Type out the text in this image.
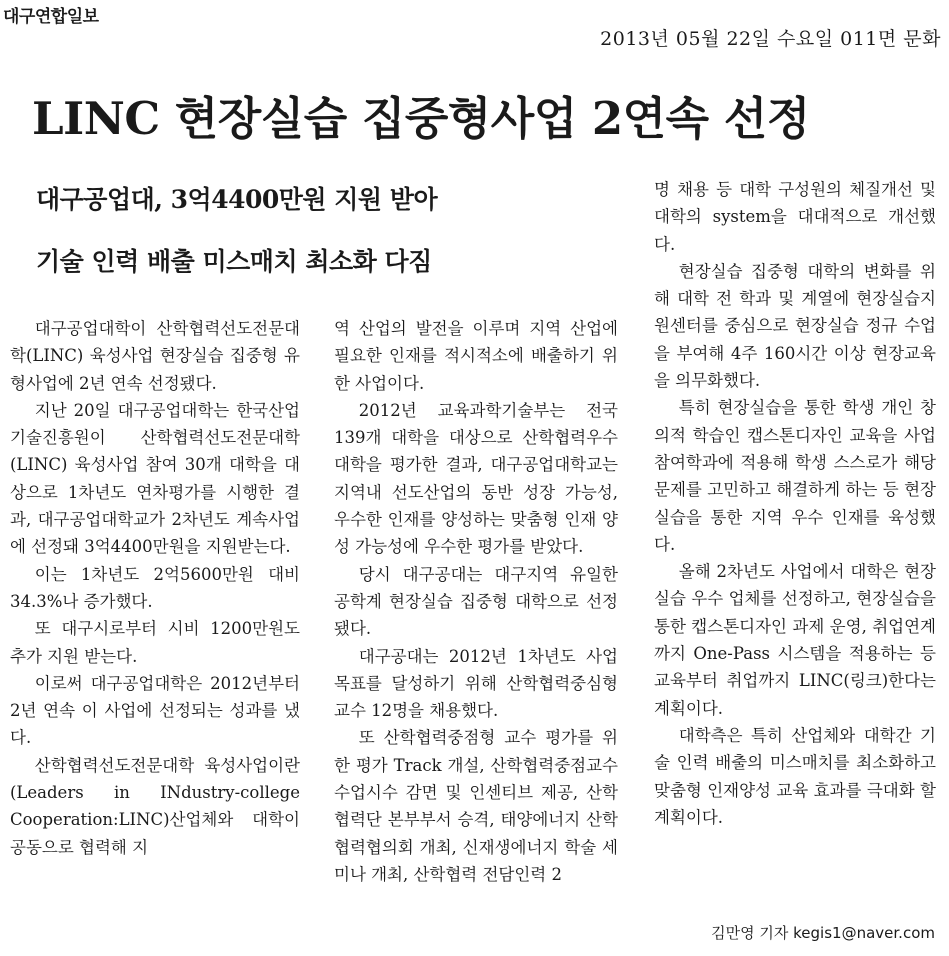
대구연합일보
2013년 05월 22일 수요일 011면 문화
LINC 현장실습 집중형사업 2연속 선정
대구공업대, 3억4400만원 지원 받아
기술 인력 배출 미스매치 최소화 다짐

대구공업대학이 산학협력선도전문대학(LINC) 육성사업 현장실습 집중형 유형사업에 2년 연속 선정됐다.

지난 20일 대구공업대학는 한국산업기술진흥원이 산학협력선도전문대학(LINC) 육성사업 참여 30개 대학을 대상으로 1차년도 연차평가를 시행한 결과, 대구공업대학교가 2차년도 계속사업에 선정돼 3억4400만원을 지원받는다.

이는 1차년도 2억5600만원 대비 34.3%나 증가했다.

또 대구시로부터 시비 1200만원도 추가 지원 받는다.

이로써 대구공업대학은 2012년부터 2년 연속 이 사업에 선정되는 성과를 냈다.

산학협력선도전문대학 육성사업이란(Leaders in INdustry-college Cooperation:LINC)산업체와 대학이 공동으로 협력해 지

역 산업의 발전을 이루며 지역 산업에 필요한 인재를 적시적소에 배출하기 위한 사업이다.

2012년 교육과학기술부는 전국 139개 대학을 대상으로 산학협력우수대학을 평가한 결과, 대구공업대학교는 지역내 선도산업의 동반 성장 가능성, 우수한 인재를 양성하는 맞춤형 인재 양성 가능성에 우수한 평가를 받았다.

당시 대구공대는 대구지역 유일한 공학계 현장실습 집중형 대학으로 선정됐다.

대구공대는 2012년 1차년도 사업 목표를 달성하기 위해 산학협력중심형 교수 12명을 채용했다.

또 산학협력중점형 교수 평가를 위한 평가 Track 개설, 산학협력중점교수 수업시수 감면 및 인센티브 제공, 산학협력단 본부부서 승격, 태양에너지 산학협력협의회 개최, 신재생에너지 학술 세미나 개최, 산학협력 전담인력 2

명 채용 등 대학 구성원의 체질개선 및 대학의 system을 대대적으로 개선했다.

현장실습 집중형 대학의 변화를 위해 대학 전 학과 및 계열에 현장실습지원센터를 중심으로 현장실습 정규 수업을 부여해 4주 160시간 이상 현장교육을 의무화했다.

특히 현장실습을 통한 학생 개인 창의적 학습인 캡스톤디자인 교육을 사업 참여학과에 적용해 학생 스스로가 해당 문제를 고민하고 해결하게 하는 등 현장실습을 통한 지역 우수 인재를 육성했다.

올해 2차년도 사업에서 대학은 현장실습 우수 업체를 선정하고, 현장실습을 통한 캡스톤디자인 과제 운영, 취업연계까지 One-Pass 시스템을 적용하는 등 교육부터 취업까지 LINC(링크)한다는 계획이다.

대학측은 특히 산업체와 대학간 기술 인력 배출의 미스매치를 최소화하고 맞춤형 인재양성 교육 효과를 극대화 할 계획이다.

김만영 기자 kegis1@naver.com
